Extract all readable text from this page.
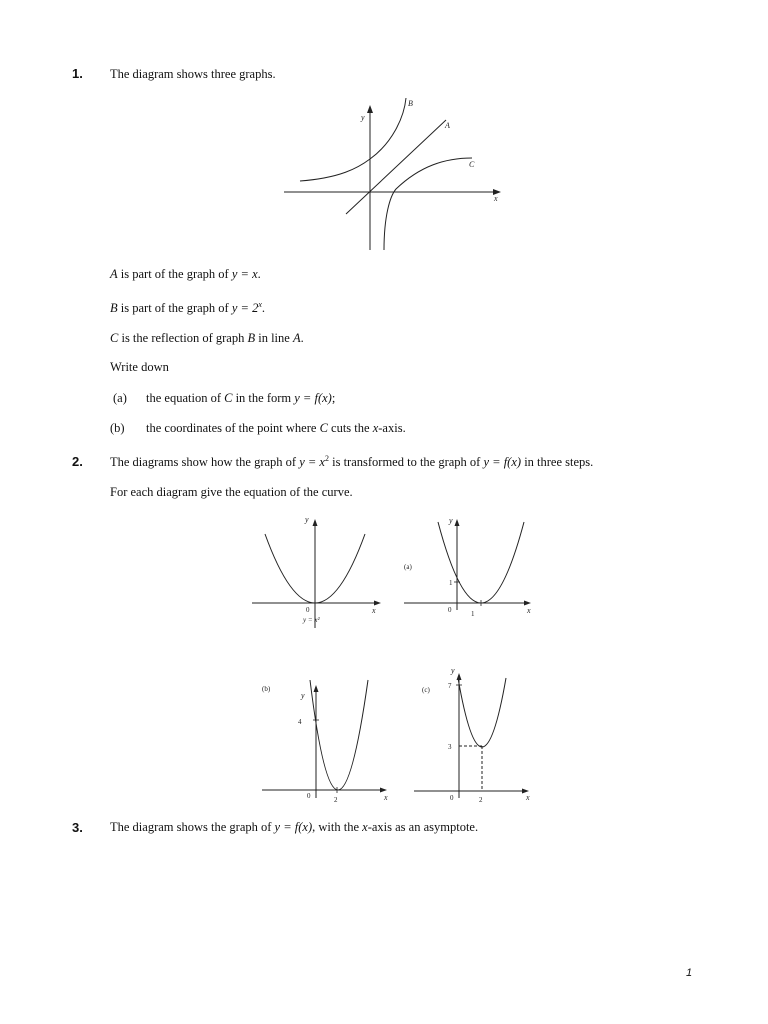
1. The diagram shows three graphs.
y
x
B
A
C
A is part of the graph of y = x.
B is part of the graph of $y = 2^x$.
C is the reflection of graph B in line A.
Write down
(a) the equation of C in the form y = f(x);
(b) the coordinates of the point where C cuts the x-axis.
2. The diagrams show how the graph of $y = x^2$ is transformed to the graph of y = f(x) in three steps.
For each diagram give the equation of the curve.
y
x
0
y = x²
(a)
y
x
0
1
1
(b)
y
x
0
4
2
(c)
y
x
0
7
3
2
3. The diagram shows the graph of y = f(x), with the x-axis as an asymptote.
1
